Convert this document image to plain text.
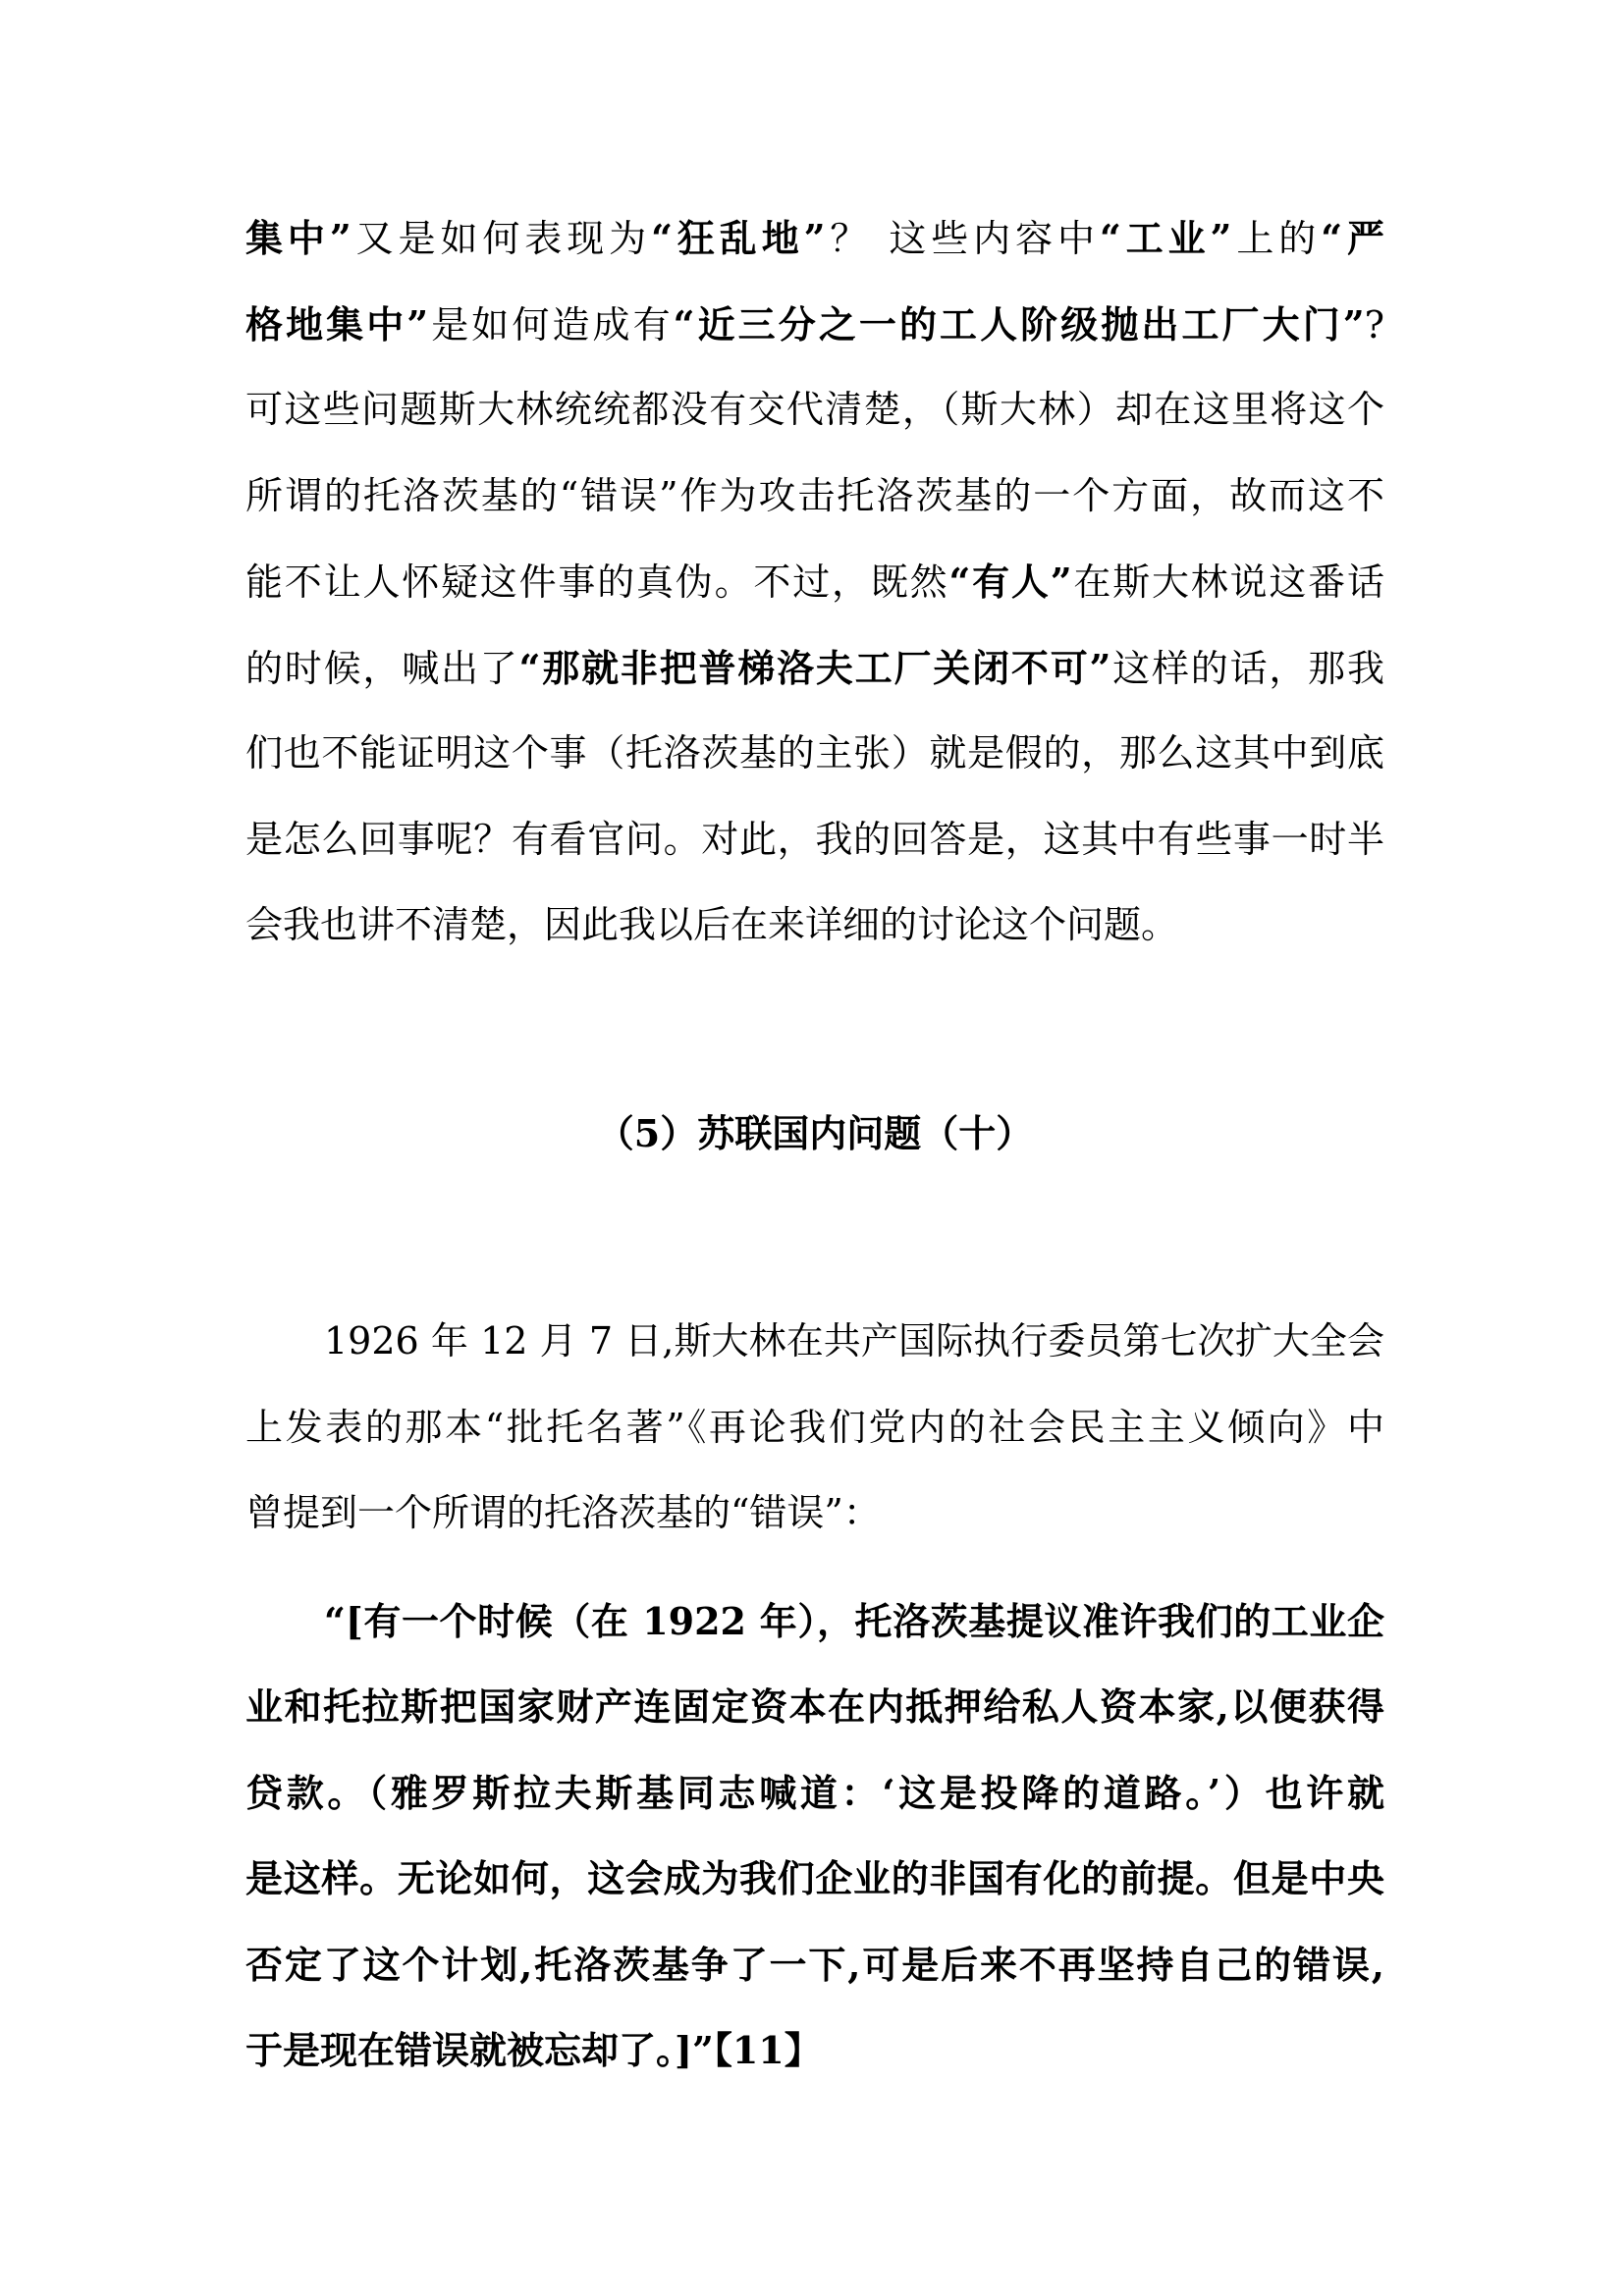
集中”又是如何表现为“狂乱地”？ 这些内容中“工业”上的“严
格地集中”是如何造成有“近三分之一的工人阶级抛出工厂大门”?
可这些问题斯大林统统都没有交代清楚，（斯大林）却在这里将这个
所谓的托洛茨基的“错误”作为攻击托洛茨基的一个方面，故而这不
能不让人怀疑这件事的真伪。不过，既然“有人”在斯大林说这番话
的时候，喊出了“那就非把普梯洛夫工厂关闭不可”这样的话，那我
们也不能证明这个事（托洛茨基的主张）就是假的，那么这其中到底
是怎么回事呢？有看官问。对此，我的回答是，这其中有些事一时半
会我也讲不清楚，因此我以后在来详细的讨论这个问题。
（5）苏联国内问题（十）
1926 年 12 月 7 日,斯大林在共产国际执行委员第七次扩大全会
上发表的那本“批托名著”《再论我们党内的社会民主主义倾向》中
曾提到一个所谓的托洛茨基的“错误”：
“[有一个时候（在 1922 年），托洛茨基提议准许我们的工业企
业和托拉斯把国家财产连固定资本在内抵押给私人资本家,以便获得
贷款。（雅罗斯拉夫斯基同志喊道：‘这是投降的道路。’）也许就
是这样。无论如何，这会成为我们企业的非国有化的前提。但是中央
否定了这个计划,托洛茨基争了一下,可是后来不再坚持自己的错误,
于是现在错误就被忘却了。]”【11】
